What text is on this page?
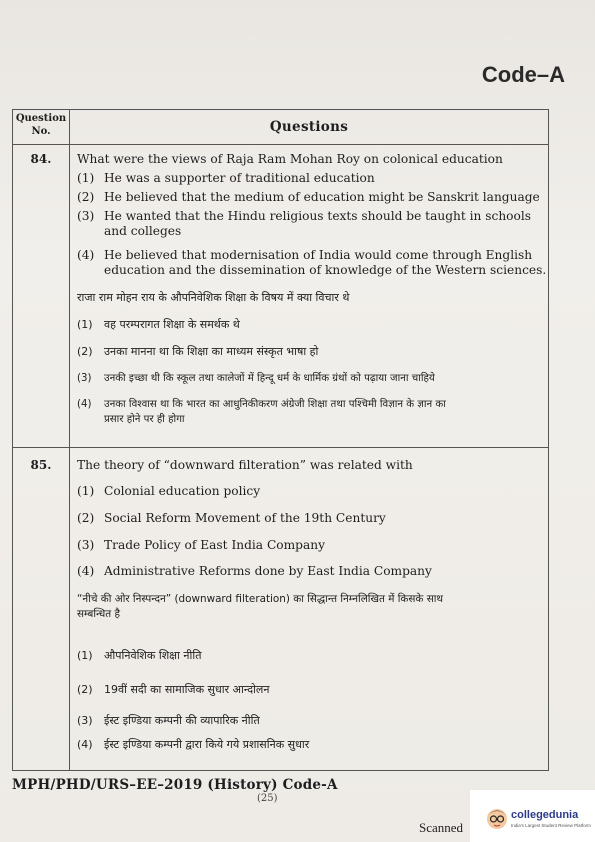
Code–A
Question
No.	Questions
84.	What were the views of Raja Ram Mohan Roy on colonical education
(1) He was a supporter of traditional education
(2) He believed that the medium of education might be Sanskrit language
(3) He wanted that the Hindu religious texts should be taught in schools
and colleges
(4) He believed that modernisation of India would come through English
education and the dissemination of knowledge of the Western sciences.
राजा राम मोहन राय के औपनिवेशिक शिक्षा के विषय में क्या विचार थे
(1) वह परम्परागत शिक्षा के समर्थक थे
(2) उनका मानना था कि शिक्षा का माध्यम संस्कृत भाषा हो
(3) उनकी इच्छा थी कि स्कूल तथा कालेजों में हिन्दू धर्म के धार्मिक ग्रंथों को पढ़ाया जाना चाहिये
(4) उनका विश्वास था कि भारत का आधुनिकीकरण अंग्रेजी शिक्षा तथा पश्चिमी विज्ञान के ज्ञान का
प्रसार होने पर ही होगा
85.	The theory of “downward filteration” was related with
(1) Colonial education policy
(2) Social Reform Movement of the 19th Century
(3) Trade Policy of East India Company
(4) Administrative Reforms done by East India Company
“नीचे की ओर निस्पन्दन” (downward filteration) का सिद्धान्त निम्नलिखित में किसके साथ
सम्बन्धित है
(1) औपनिवेशिक शिक्षा नीति
(2) 19वीं सदी का सामाजिक सुधार आन्दोलन
(3) ईस्ट इण्डिया कम्पनी की व्यापारिक नीति
(4) ईस्ट इण्डिया कम्पनी द्वारा किये गये प्रशासनिक सुधार
MPH/PHD/URS–EE–2019 (History) Code-A
(25)
collegedunia
India's Largest Student Review Platform
Scanned
